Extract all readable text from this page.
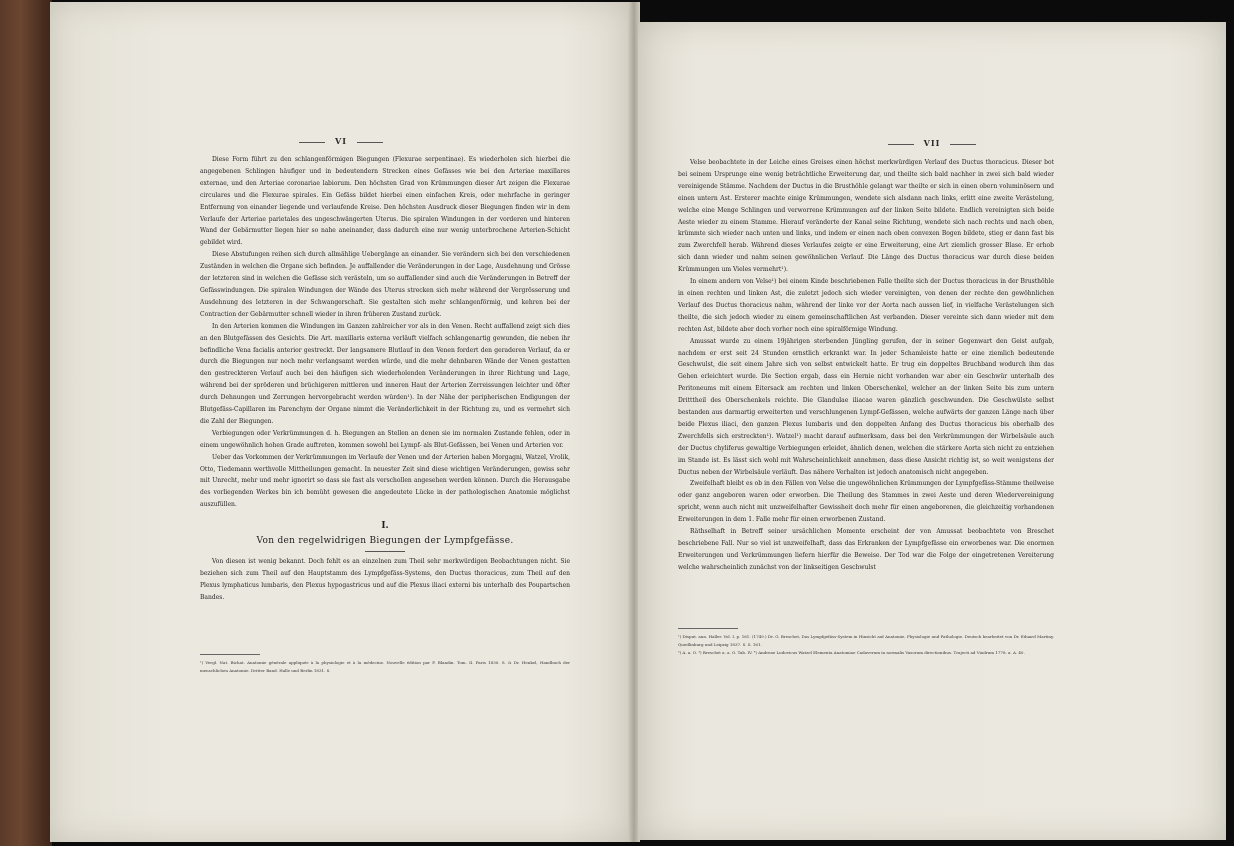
VI

Diese Form führt zu den schlangenförmigen Biegungen (Flexurae serpentinae). Es wiederholen sich hierbei die angegebenen Schlingen häufiger und in bedeutendern Strecken eines Gefässes wie bei den Arteriae maxillares externae, und den Arteriae coronariae labiorum. Den höchsten Grad von Krümmungen dieser Art zeigen die Flexurae circulares und die Flexurae spirales. Ein Gefäss bildet hierbei einen einfachen Kreis, oder mehrfache in geringer Entfernung von einander liegende und verlaufende Kreise. Den höchsten Ausdruck dieser Biegungen finden wir in dem Verlaufe der Arteriae parietales des ungeschwängerten Uterus. Die spiralen Windungen in der vorderen und hinteren Wand der Gebärmutter liegen hier so nahe aneinander, dass dadurch eine nur wenig unterbrochene Arterien-Schicht gebildet wird.

Diese Abstufungen reihen sich durch allmählige Uebergänge an einander. Sie verändern sich bei den verschiedenen Zuständen in welchen die Organe sich befinden. Je auffallender die Veränderungen in der Lage, Ausdehnung und Grösse der letzteren sind in welchen die Gefässe sich verästeln, um so auffallender sind auch die Veränderungen in Betreff der Gefässwindungen. Die spiralen Windungen der Wände des Uterus strecken sich mehr während der Vergrösserung und Ausdehnung des letzteren in der Schwangerschaft. Sie gestalten sich mehr schlangenförmig, und kehren bei der Contraction der Gebärmutter schnell wieder in ihren früheren Zustand zurück.

In den Arterien kommen die Windungen im Ganzen zahlreicher vor als in den Venen. Recht auffallend zeigt sich dies an den Blutgefässen des Gesichts. Die Art. maxillaris externa verläuft vielfach schlangenartig gewunden, die neben ihr befindliche Vena facialis anterior gestreckt. Der langsamere Blutlauf in den Venen fordert den geraderen Verlauf, da er durch die Biegungen nur noch mehr verlangsamt werden würde, und die mehr dehnbaren Wände der Venen gestatten den gestreckteren Verlauf auch bei den häufigen sich wiederholenden Veränderungen in ihrer Richtung und Lage, während bei der spröderen und brüchigeren mittleren und inneren Haut der Arterien Zerreissungen leichter und öfter durch Dehnungen und Zerrungen hervorgebracht werden würden¹). In der Nähe der peripherischen Endigungen der Blutgefäss-Capillaren im Parenchym der Organe nimmt die Veränderlichkeit in der Richtung zu, und es vermehrt sich die Zahl der Biegungen.

Verbiegungen oder Verkrümmungen d. h. Biegungen an Stellen an denen sie im normalen Zustande fehlen, oder in einem ungewöhnlich hohen Grade auftreten, kommen sowohl bei Lympf- als Blut-Gefässen, bei Venen und Arterien vor.

Ueber das Vorkommen der Verkrümmungen im Verlaufe der Venen und der Arterien haben Morgagni, Watzel, Vrolik, Otto, Tiedemann werthvolle Mittheilungen gemacht. In neuester Zeit sind diese wichtigen Veränderungen, gewiss sehr mit Unrecht, mehr und mehr ignorirt so dass sie fast als verschollen angesehen werden können. Durch die Herausgabe des vorliegenden Werkes bin ich bemüht gewesen die angedeutete Lücke in der pathologischen Anatomie möglichst auszufüllen.

I.
Von den regelwidrigen Biegungen der Lympfgefässe.

Von diesen ist wenig bekannt. Doch fehlt es an einzelnen zum Theil sehr merkwürdigen Beobachtungen nicht. Sie beziehen sich zum Theil auf den Hauptstamm des Lympfgefäss-Systems, den Ductus thoracicus, zum Theil auf den Plexus lymphaticus lumbaris, den Plexus hypogastricus und auf die Plexus iliaci externi bis unterhalb des Poupartschen Bandes.

¹) Vergl. Nat. Bichat. Anatomie générale appliquée à la physiologie et à la médecine. Nouvelle édition par F. Blandin. Tom. II. Paris 1830. S. & Dr. Henkel, Handbuch der menschlichen Anatomie. Dritter Band. Halle und Berlin 1831. S.

VII

Velse beobachtete in der Leiche eines Greises einen höchst merkwürdigen Verlauf des Ductus thoracicus. Dieser bot bei seinem Ursprunge eine wenig beträchtliche Erweiterung dar, und theilte sich bald nachher in zwei sich bald wieder vereinigende Stämme. Nachdem der Ductus in die Brusthöhle gelangt war theilte er sich in einen obern voluminösern und einen untern Ast. Ersterer machte einige Krümmungen, wendete sich alsdann nach links, erlitt eine zweite Verästelung, welche eine Menge Schlingen und verworrene Krümmungen auf der linken Seite bildete. Endlich vereinigten sich beide Aeste wieder zu einem Stamme. Hierauf veränderte der Kanal seine Richtung, wendete sich nach rechts und nach oben, krümmte sich wieder nach unten und links, und indem er einen nach oben convexen Bogen bildete, stieg er dann fast bis zum Zwerchfell herab. Während dieses Verlaufes zeigte er eine Erweiterung, eine Art ziemlich grosser Blase. Er erhob sich dann wieder und nahm seinen gewöhnlichen Verlauf. Die Länge des Ductus thoracicus war durch diese beiden Krümmungen um Vieles vermehrt¹).

In einem andern von Velse¹) bei einem Kinde beschriebenen Falle theilte sich der Ductus thoracicus in der Brusthöhle in einen rechten und linken Ast, die zuletzt jedoch sich wieder vereinigten, von denen der rechte den gewöhnlichen Verlauf des Ductus thoracicus nahm, während der linke vor der Aorta nach aussen lief, in vielfache Verästelungen sich theilte, die sich jedoch wieder zu einem gemeinschaftlichen Ast verbanden. Dieser vereinte sich dann wieder mit dem rechten Ast, bildete aber doch vorher noch eine spiralförmige Windung.

Amussat wurde zu einem 19jährigen sterbenden Jüngling gerufen, der in seiner Gegenwart den Geist aufgab, nachdem er erst seit 24 Stunden ernstlich erkrankt war. In jeder Schamleiste hatte er eine ziemlich bedeutende Geschwulst, die seit einem Jahre sich von selbst entwickelt hatte. Er trug ein doppeltes Bruchband wodurch ihm das Gehen erleichtert wurde. Die Section ergab, dass ein Hernie nicht vorhanden war aber ein Geschwür unterhalb des Peritoneums mit einem Eitersack am rechten und linken Oberschenkel, welcher an der linken Seite bis zum untern Dritttheil des Oberschenkels reichte. Die Glandulae iliacae waren gänzlich geschwunden. Die Geschwülste selbst bestanden aus darmartig erweiterten und verschlungenen Lympf-Gefässen, welche aufwärts der ganzen Länge nach über beide Plexus iliaci, den ganzen Plexus lumbaris und den doppelten Anfang des Ductus thoracicus bis oberhalb des Zwerchfells sich erstreckten¹). Watzel¹) macht darauf aufmerksam, dass bei den Verkrümmungen der Wirbelsäule auch der Ductus chyliferus gewaltige Verbiegungen erleidet, ähnlich denen, welchen die stärkere Aorta sich nicht zu entziehen im Stande ist. Es lässt sich wohl mit Wahrscheinlichkeit annehmen, dass diese Ansicht richtig ist, so weit wenigstens der Ductus neben der Wirbelsäule verläuft. Das nähere Verhalten ist jedoch anatomisch nicht angegeben.

Zweifelhaft bleibt es ob in den Fällen von Velse die ungewöhnlichen Krümmungen der Lympfgefäss-Stämme theilweise oder ganz angeboren waren oder erworben. Die Theilung des Stammes in zwei Aeste und deren Wiedervereinigung spricht, wenn auch nicht mit unzweifelhafter Gewissheit doch mehr für einen angeborenen, die gleichzeitig vorhandenen Erweiterungen in dem 1. Falle mehr für einen erworbenen Zustand.

Räthselhaft in Betreff seiner ursächlichen Momente erscheint der von Amussat beobachtete von Breschet beschriebene Fall. Nur so viel ist unzweifelhaft, dass das Erkranken der Lympfgefässe ein erworbenes war. Die enormen Erweiterungen und Verkrümmungen liefern hierfür die Beweise. Der Tod war die Folge der eingetretenen Vereiterung welche wahrscheinlich zunächst von der linkseitigen Geschwulst

¹) Disput. ann. Haller. Vol. I. p. 161. (1749.) Dr. G. Breschet, Das Lympfgefäss-System in Hinsicht auf Anatomie, Physiologie und Pathologie. Deutsch bearbeitet von Dr. Eduard Martiny. Quedlinburg und Leipzig 1837. S. S. 161.

²) A. a. O. ³) Breschet a. a. O. Tab. IV. ⁴) Andreae Ludovicus Watzel Elementa Anatomiae Cadaverum in normalis Vasorum directionibus. Trajecti ad Viadrum 1778. a. A. 40.
